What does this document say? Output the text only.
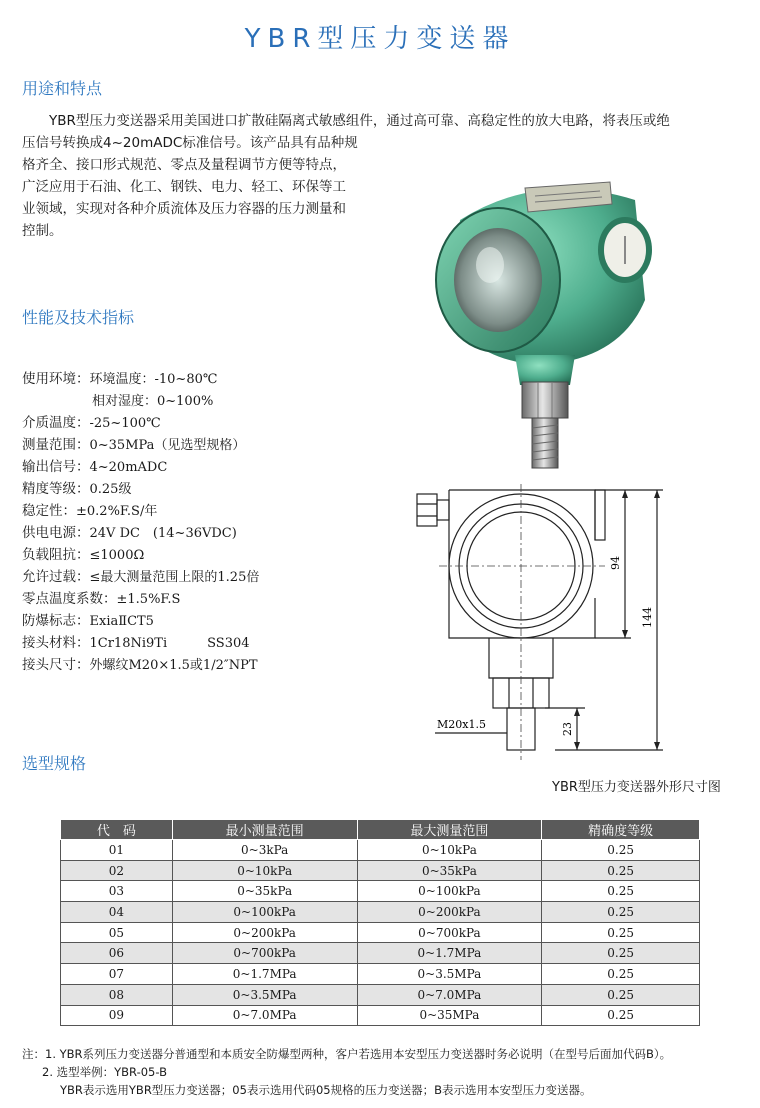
YBR型压力变送器
用途和特点
　　YBR型压力变送器采用美国进口扩散硅隔离式敏感组件，通过高可靠、高稳定性的放大电路，将表压或绝
压信号转换成4~20mADC标准信号。该产品具有品种规
格齐全、接口形式规范、零点及量程调节方便等特点，
广泛应用于石油、化工、钢铁、电力、轻工、环保等工
业领域，实现对各种介质流体及压力容器的压力测量和
控制。
性能及技术指标
使用环境：环境温度：-10~80℃
相对湿度：0~100%
介质温度：-25~100℃
测量范围：0~35MPa（见选型规格）
输出信号：4~20mADC
精度等级：0.25级
稳定性：±0.2%F.S/年
供电电源：24V DC　(14~36VDC)
负载阻抗：≤1000Ω
允许过载：≤最大测量范围上限的1.25倍
零点温度系数：±1.5%F.S
防爆标志：ExiaⅡCT5
接头材料：1Cr18Ni9Ti	SS304
接头尺寸：外螺纹M20×1.5或1/2″NPT
94
144
23
M20x1.5
YBR型压力变送器外形尺寸图
选型规格
代　码	最小测量范围	最大测量范围	精确度等级
01	0~3kPa	0~10kPa	0.25
02	0~10kPa	0~35kPa	0.25
03	0~35kPa	0~100kPa	0.25
04	0~100kPa	0~200kPa	0.25
05	0~200kPa	0~700kPa	0.25
06	0~700kPa	0~1.7MPa	0.25
07	0~1.7MPa	0~3.5MPa	0.25
08	0~3.5MPa	0~7.0MPa	0.25
09	0~7.0MPa	0~35MPa	0.25
注：1. YBR系列压力变送器分普通型和本质安全防爆型两种，客户若选用本安型压力变送器时务必说明（在型号后面加代码B）。
2. 选型举例：YBR-05-B
YBR表示选用YBR型压力变送器；05表示选用代码05规格的压力变送器；B表示选用本安型压力变送器。
